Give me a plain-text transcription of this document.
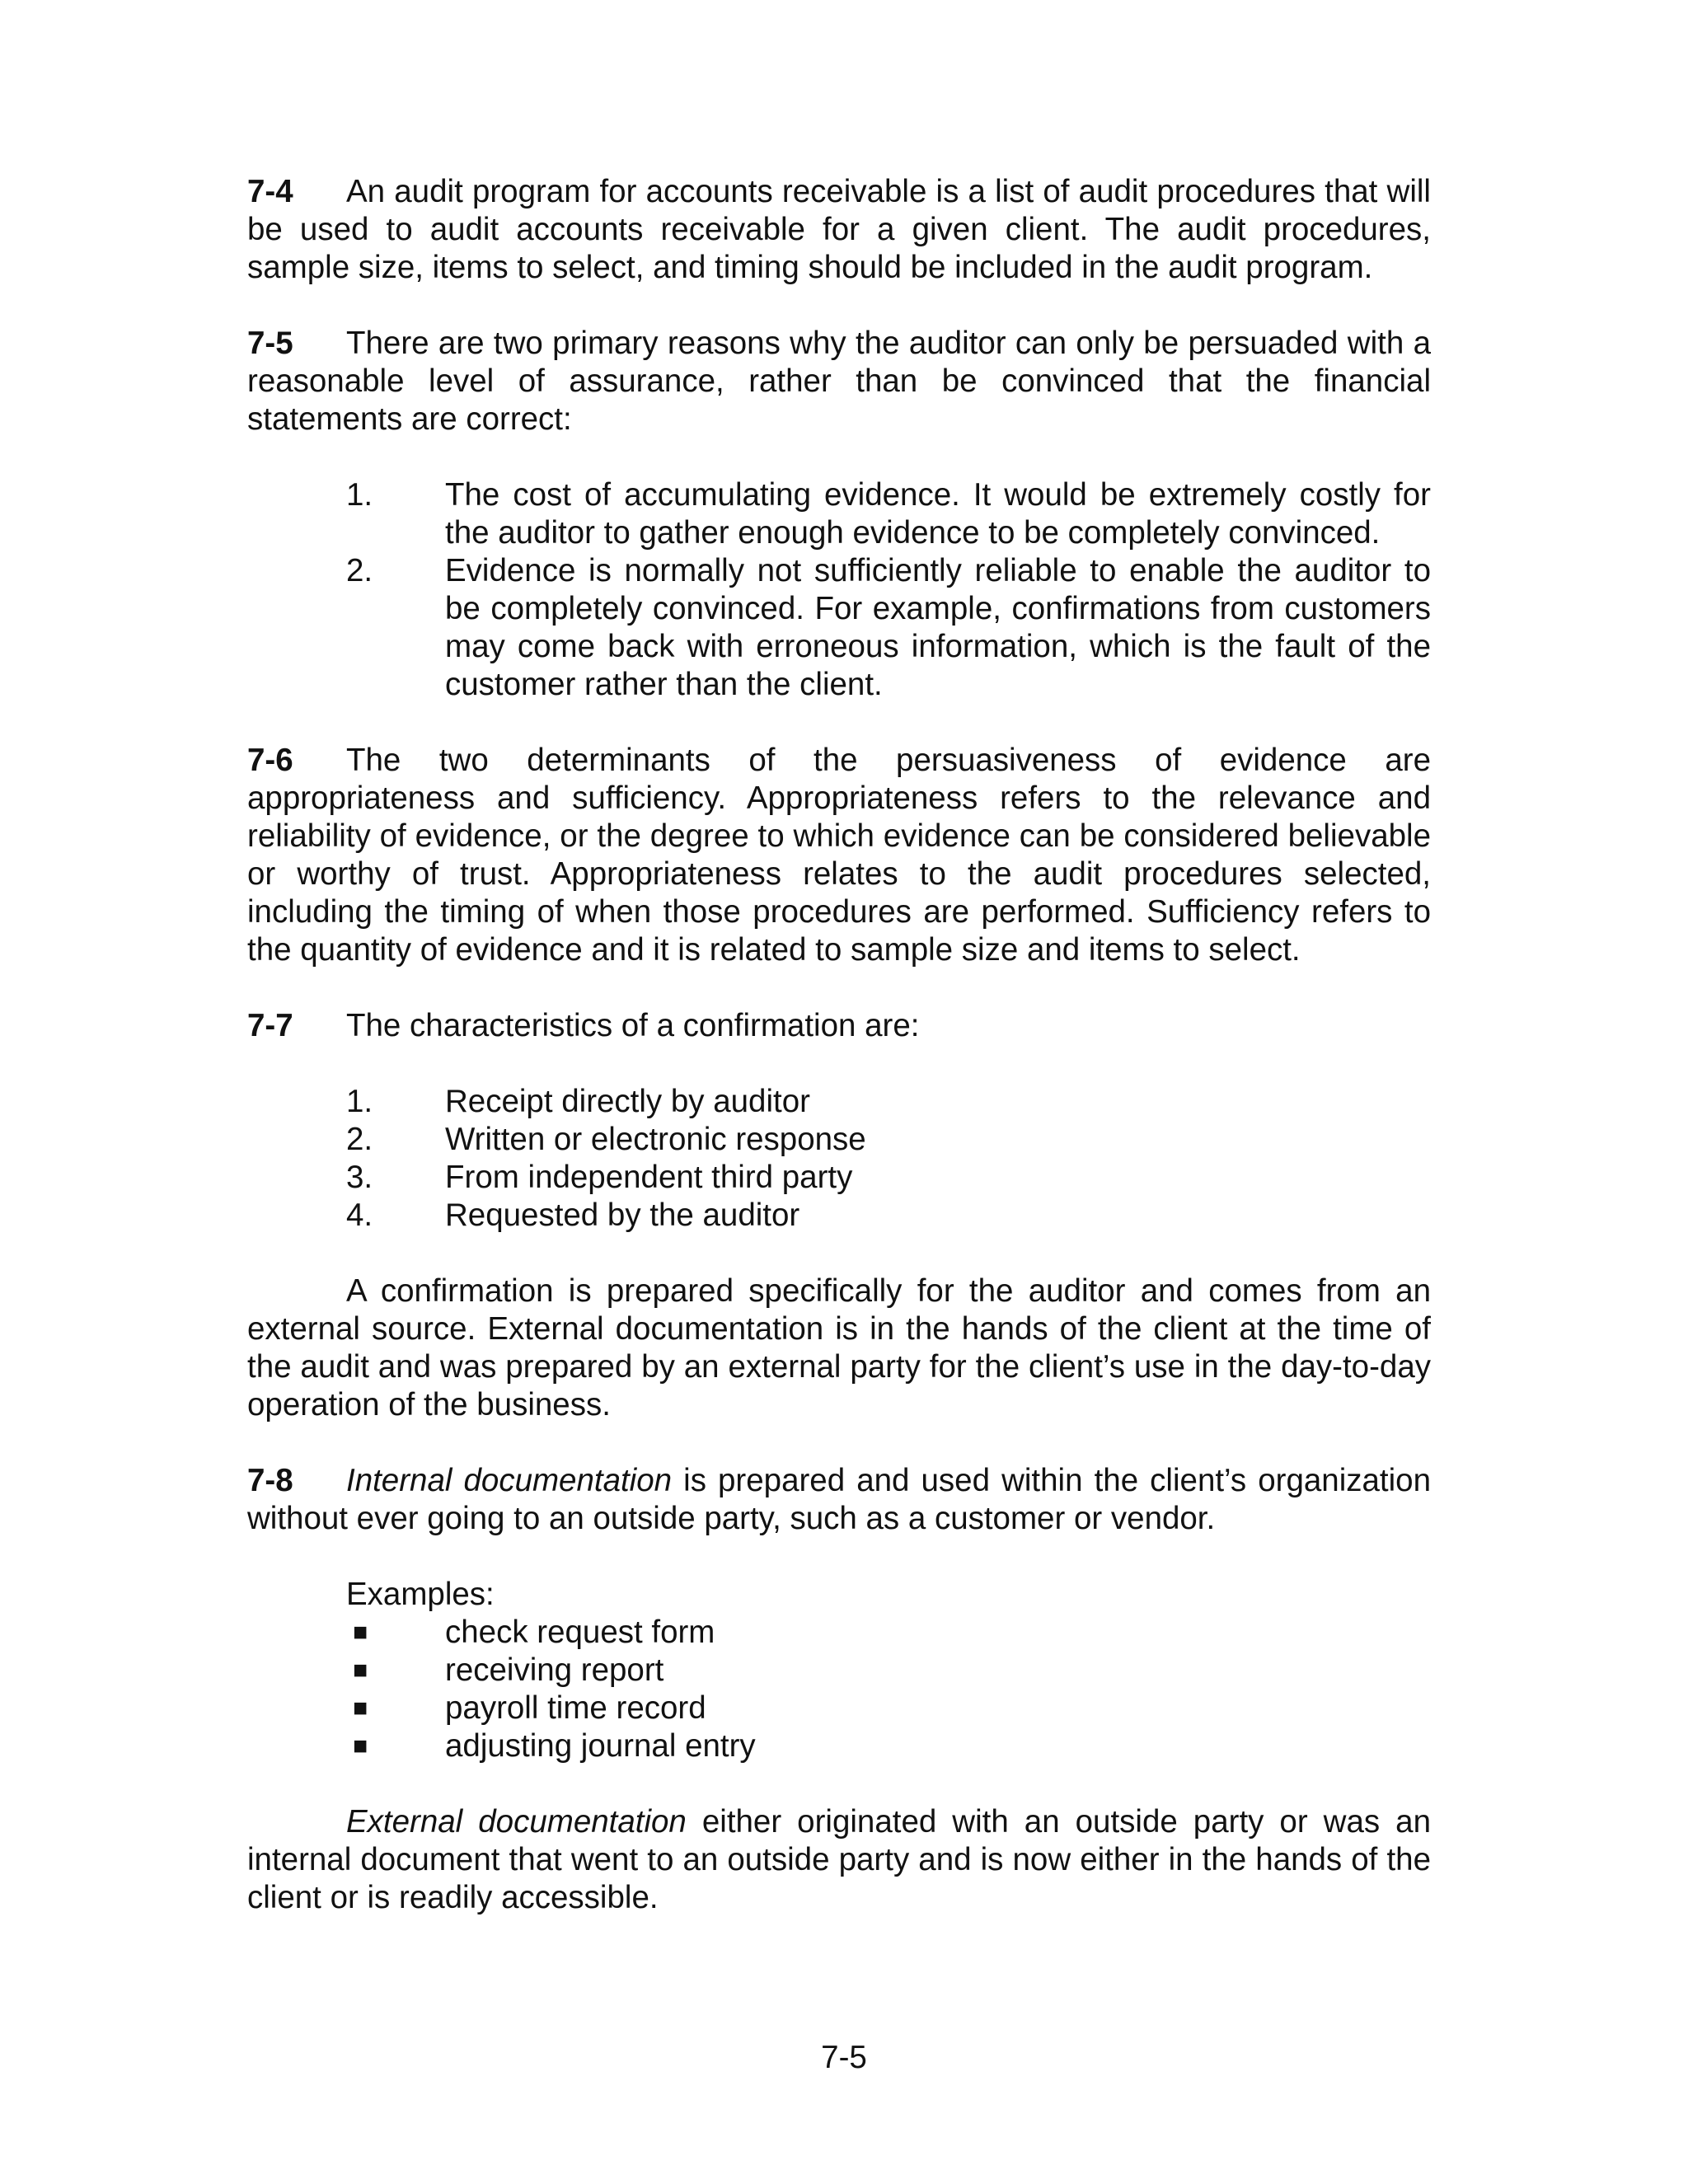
7-4 An audit program for accounts receivable is a list of audit procedures that will be used to audit accounts receivable for a given client. The audit procedures, sample size, items to select, and timing should be included in the audit program.

7-5 There are two primary reasons why the auditor can only be persuaded with a reasonable level of assurance, rather than be convinced that the financial statements are correct:

1.	The cost of accumulating evidence. It would be extremely costly for the auditor to gather enough evidence to be completely convinced.
2.	Evidence is normally not sufficiently reliable to enable the auditor to be completely convinced. For example, confirmations from customers may come back with erroneous information, which is the fault of the customer rather than the client.

7-6 The two determinants of the persuasiveness of evidence are appropriateness and sufficiency. Appropriateness refers to the relevance and reliability of evidence, or the degree to which evidence can be considered believable or worthy of trust. Appropriateness relates to the audit procedures selected, including the timing of when those procedures are performed. Sufficiency refers to the quantity of evidence and it is related to sample size and items to select.

7-7 The characteristics of a confirmation are:

1.	Receipt directly by auditor
2.	Written or electronic response
3.	From independent third party
4.	Requested by the auditor

A confirmation is prepared specifically for the auditor and comes from an external source. External documentation is in the hands of the client at the time of the audit and was prepared by an external party for the client’s use in the day-to-day operation of the business.

7-8 Internal documentation is prepared and used within the client’s organization without ever going to an outside party, such as a customer or vendor.

Examples:

■	check request form
■	receiving report
■	payroll time record
■	adjusting journal entry

External documentation either originated with an outside party or was an internal document that went to an outside party and is now either in the hands of the client or is readily accessible.

7-5
